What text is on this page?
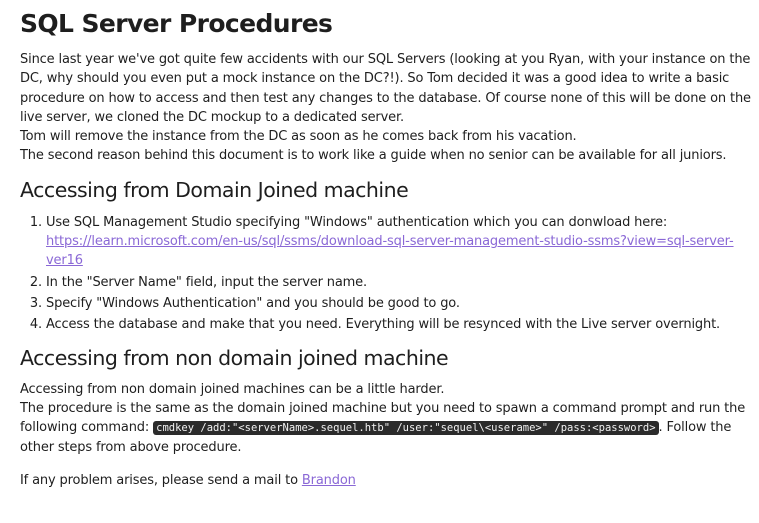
SQL Server Procedures

Since last year we've got quite few accidents with our SQL Servers (looking at you Ryan, with your instance on the DC, why should you even put a mock instance on the DC?!). So Tom decided it was a good idea to write a basic procedure on how to access and then test any changes to the database. Of course none of this will be done on the live server, we cloned the DC mockup to a dedicated server.

Tom will remove the instance from the DC as soon as he comes back from his vacation.

The second reason behind this document is to work like a guide when no senior can be available for all juniors.

Accessing from Domain Joined machine
1. Use SQL Management Studio specifying "Windows" authentication which you can donwload here:
https://learn.microsoft.com/en-us/sql/ssms/download-sql-server-management-studio-ssms?view=sql-server-ver16
2. In the "Server Name" field, input the server name.
3. Specify "Windows Authentication" and you should be good to go.
4. Access the database and make that you need. Everything will be resynced with the Live server overnight.
Accessing from non domain joined machine

Accessing from non domain joined machines can be a little harder.

The procedure is the same as the domain joined machine but you need to spawn a command prompt and run the following command: cmdkey /add:"<serverName>.sequel.htb" /user:"sequel\<userame>" /pass:<password> . Follow the other steps from above procedure.

If any problem arises, please send a mail to Brandon
